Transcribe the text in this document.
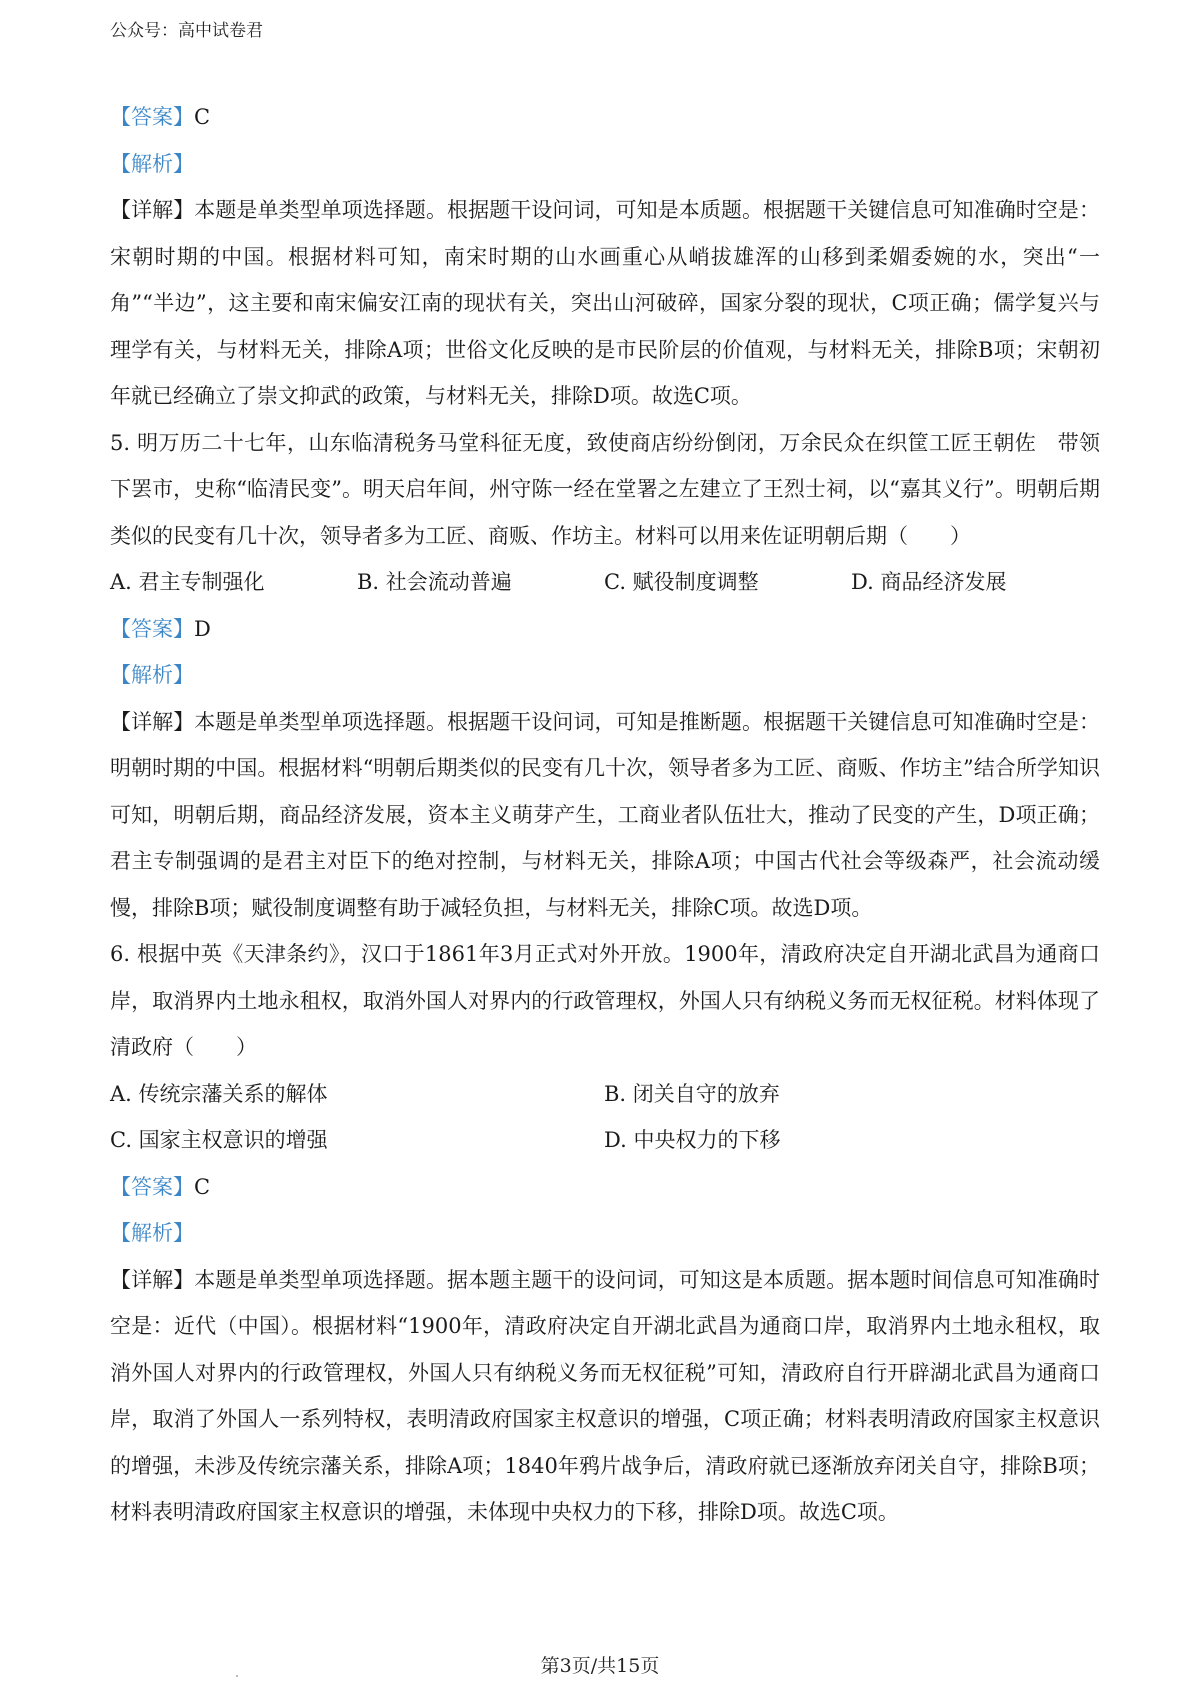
公众号：高中试卷君

【答案】C

【解析】

【详解】本题是单类型单项选择题。根据题干设问词，可知是本质题。根据题干关键信息可知准确时空是：宋朝时期的中国。根据材料可知，南宋时期的山水画重心从峭拔雄浑的山移到柔媚委婉的水，突出“一角”“半边”，这主要和南宋偏安江南的现状有关，突出山河破碎，国家分裂的现状，C项正确；儒学复兴与理学有关，与材料无关，排除A项；世俗文化反映的是市民阶层的价值观，与材料无关，排除B项；宋朝初年就已经确立了崇文抑武的政策，与材料无关，排除D项。故选C项。

5. 明万历二十七年，山东临清税务马堂科征无度，致使商店纷纷倒闭，万余民众在织筐工匠王朝佐　带领下罢市，史称“临清民变”。明天启年间，州守陈一经在堂署之左建立了王烈士祠，以“嘉其义行”。明朝后期类似的民变有几十次，领导者多为工匠、商贩、作坊主。材料可以用来佐证明朝后期（　　）

A. 君主专制强化	B. 社会流动普遍	C. 赋役制度调整	D. 商品经济发展

【答案】D

【解析】

【详解】本题是单类型单项选择题。根据题干设问词，可知是推断题。根据题干关键信息可知准确时空是：明朝时期的中国。根据材料“明朝后期类似的民变有几十次，领导者多为工匠、商贩、作坊主”结合所学知识可知，明朝后期，商品经济发展，资本主义萌芽产生，工商业者队伍壮大，推动了民变的产生，D项正确；君主专制强调的是君主对臣下的绝对控制，与材料无关，排除A项；中国古代社会等级森严，社会流动缓慢，排除B项；赋役制度调整有助于减轻负担，与材料无关，排除C项。故选D项。

6. 根据中英《天津条约》，汉口于1861年3月正式对外开放。1900年，清政府决定自开湖北武昌为通商口岸，取消界内土地永租权，取消外国人对界内的行政管理权，外国人只有纳税义务而无权征税。材料体现了清政府（　　）

A. 传统宗藩关系的解体	B. 闭关自守的放弃
C. 国家主权意识的增强	D. 中央权力的下移

【答案】C

【解析】

【详解】本题是单类型单项选择题。据本题主题干的设问词，可知这是本质题。据本题时间信息可知准确时空是：近代（中国）。根据材料“1900年，清政府决定自开湖北武昌为通商口岸，取消界内土地永租权，取消外国人对界内的行政管理权，外国人只有纳税义务而无权征税”可知，清政府自行开辟湖北武昌为通商口岸，取消了外国人一系列特权，表明清政府国家主权意识的增强，C项正确；材料表明清政府国家主权意识的增强，未涉及传统宗藩关系，排除A项；1840年鸦片战争后，清政府就已逐渐放弃闭关自守，排除B项；材料表明清政府国家主权意识的增强，未体现中央权力的下移，排除D项。故选C项。

第3页/共15页
